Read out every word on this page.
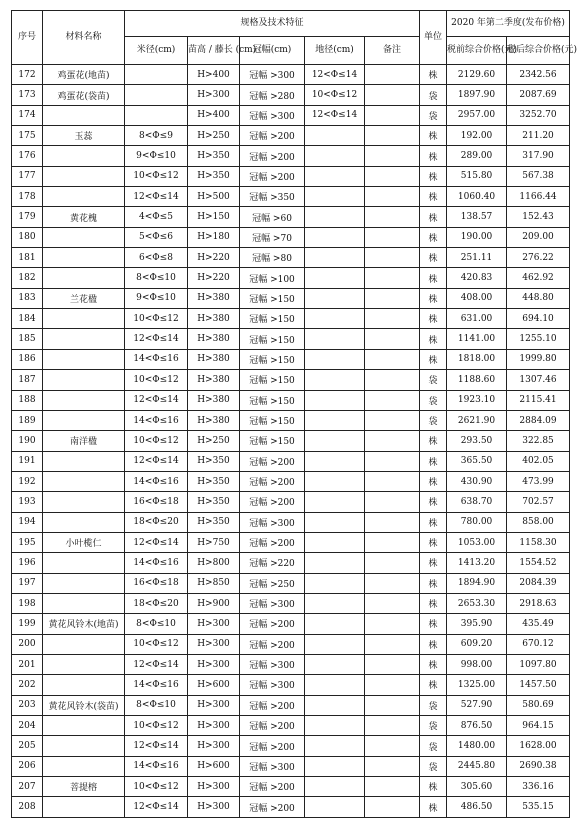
序号	材料名称	规格及技术特征					单位	2020 年第二季度(发布价格)	
		米径(cm)	苗高 / 藤长 (cm)	冠幅(cm)	地径(cm)	备注		税前综合价格(元)	税后综合价格(元)
172	鸡蛋花(地苗)		H>400	冠幅 >300	12<Φ≤14		株	2129.60	2342.56
173	鸡蛋花(袋苗)		H>300	冠幅 >280	10<Φ≤12		袋	1897.90	2087.69
174			H>400	冠幅 >300	12<Φ≤14		袋	2957.00	3252.70
175	玉蕊	8<Φ≤9	H>250	冠幅 >200			株	192.00	211.20
176		9<Φ≤10	H>350	冠幅 >200			株	289.00	317.90
177		10<Φ≤12	H>350	冠幅 >200			株	515.80	567.38
178		12<Φ≤14	H>500	冠幅 >350			株	1060.40	1166.44
179	黄花槐	4<Φ≤5	H>150	冠幅 >60			株	138.57	152.43
180		5<Φ≤6	H>180	冠幅 >70			株	190.00	209.00
181		6<Φ≤8	H>220	冠幅 >80			株	251.11	276.22
182		8<Φ≤10	H>220	冠幅 >100			株	420.83	462.92
183	兰花楹	9<Φ≤10	H>380	冠幅 >150			株	408.00	448.80
184		10<Φ≤12	H>380	冠幅 >150			株	631.00	694.10
185		12<Φ≤14	H>380	冠幅 >150			株	1141.00	1255.10
186		14<Φ≤16	H>380	冠幅 >150			株	1818.00	1999.80
187		10<Φ≤12	H>380	冠幅 >150			袋	1188.60	1307.46
188		12<Φ≤14	H>380	冠幅 >150			袋	1923.10	2115.41
189		14<Φ≤16	H>380	冠幅 >150			袋	2621.90	2884.09
190	南洋楹	10<Φ≤12	H>250	冠幅 >150			株	293.50	322.85
191		12<Φ≤14	H>350	冠幅 >200			株	365.50	402.05
192		14<Φ≤16	H>350	冠幅 >200			株	430.90	473.99
193		16<Φ≤18	H>350	冠幅 >200			株	638.70	702.57
194		18<Φ≤20	H>350	冠幅 >300			株	780.00	858.00
195	小叶榄仁	12<Φ≤14	H>750	冠幅 >200			株	1053.00	1158.30
196		14<Φ≤16	H>800	冠幅 >220			株	1413.20	1554.52
197		16<Φ≤18	H>850	冠幅 >250			株	1894.90	2084.39
198		18<Φ≤20	H>900	冠幅 >300			株	2653.30	2918.63
199	黄花风铃木(地苗)	8<Φ≤10	H>300	冠幅 >200			株	395.90	435.49
200		10<Φ≤12	H>300	冠幅 >200			株	609.20	670.12
201		12<Φ≤14	H>300	冠幅 >300			株	998.00	1097.80
202		14<Φ≤16	H>600	冠幅 >300			株	1325.00	1457.50
203	黄花风铃木(袋苗)	8<Φ≤10	H>300	冠幅 >200			袋	527.90	580.69
204		10<Φ≤12	H>300	冠幅 >200			袋	876.50	964.15
205		12<Φ≤14	H>300	冠幅 >200			袋	1480.00	1628.00
206		14<Φ≤16	H>600	冠幅 >300			袋	2445.80	2690.38
207	菩提榕	10<Φ≤12	H>300	冠幅 >200			株	305.60	336.16
208		12<Φ≤14	H>300	冠幅 >200			株	486.50	535.15
